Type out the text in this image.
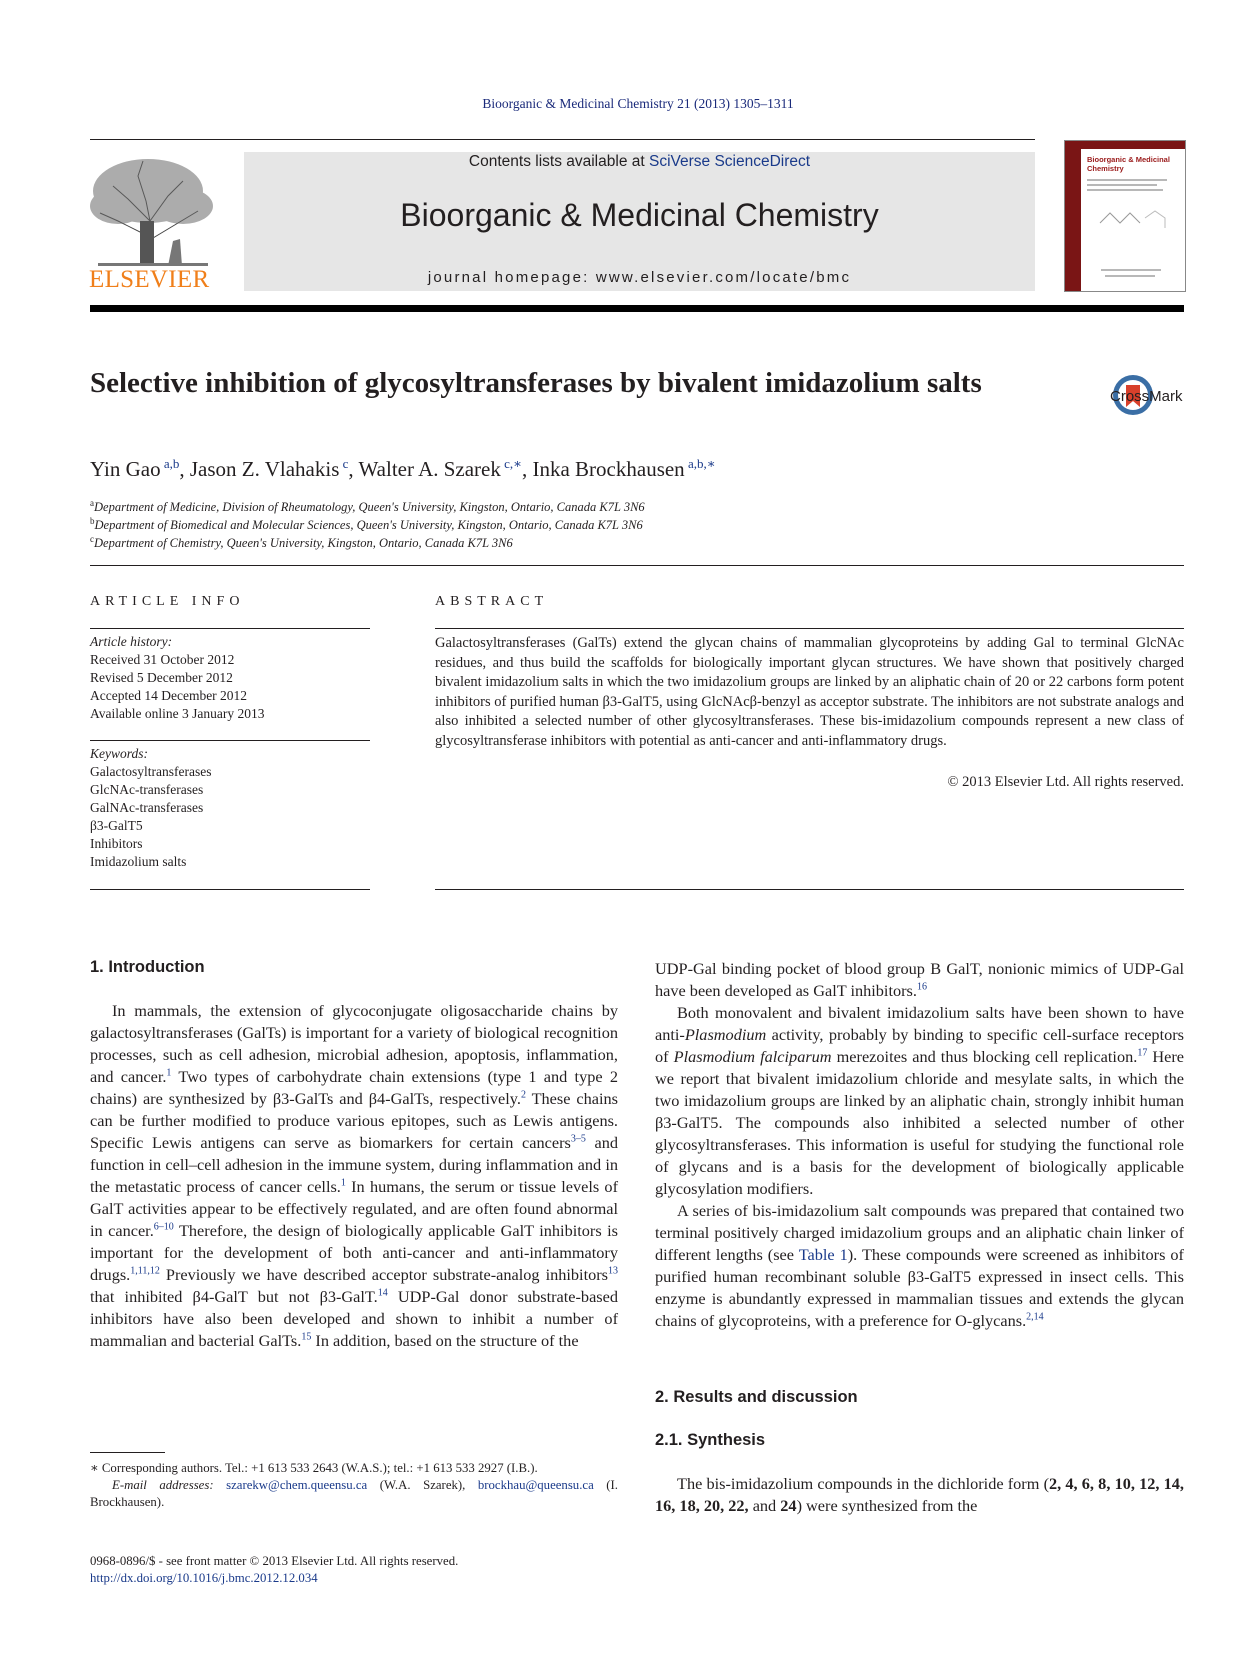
Bioorganic & Medicinal Chemistry 21 (2013) 1305–1311
ELSEVIER
Contents lists available at SciVerse ScienceDirect
Bioorganic & Medicinal Chemistry
journal homepage: www.elsevier.com/locate/bmc
Bioorganic & Medicinal Chemistry
Selective inhibition of glycosyltransferases by bivalent imidazolium salts	CrossMark
Yin Gao $^{a,b}$, Jason Z. Vlahakis $^c$, Walter A. Szarek $^{c,∗}$, Inka Brockhausen $^{a,b,∗}$
$^a$Department of Medicine, Division of Rheumatology, Queen's University, Kingston, Ontario, Canada K7L 3N6
$^b$Department of Biomedical and Molecular Sciences, Queen's University, Kingston, Ontario, Canada K7L 3N6
$^c$Department of Chemistry, Queen's University, Kingston, Ontario, Canada K7L 3N6
ARTICLE INFO	ABSTRACT
Article history:
Received 31 October 2012
Revised 5 December 2012
Accepted 14 December 2012
Available online 3 January 2013
Keywords:
Galactosyltransferases
GlcNAc-transferases
GalNAc-transferases
β3-GalT5
Inhibitors
Imidazolium salts
Galactosyltransferases (GalTs) extend the glycan chains of mammalian glycoproteins by adding Gal to terminal GlcNAc residues, and thus build the scaffolds for biologically important glycan structures. We have shown that positively charged bivalent imidazolium salts in which the two imidazolium groups are linked by an aliphatic chain of 20 or 22 carbons form potent inhibitors of purified human β3-GalT5, using GlcNAcβ-benzyl as acceptor substrate. The inhibitors are not substrate analogs and also inhibited a selected number of other glycosyltransferases. These bis-imidazolium compounds represent a new class of glycosyltransferase inhibitors with potential as anti-cancer and anti-inflammatory drugs.
© 2013 Elsevier Ltd. All rights reserved.
1. Introduction

In mammals, the extension of glycoconjugate oligosaccharide chains by galactosyltransferases (GalTs) is important for a variety of biological recognition processes, such as cell adhesion, microbial adhesion, apoptosis, inflammation, and cancer.$^1$ Two types of carbohydrate chain extensions (type 1 and type 2 chains) are synthesized by β3-GalTs and β4-GalTs, respectively.$^2$ These chains can be further modified to produce various epitopes, such as Lewis antigens. Specific Lewis antigens can serve as biomarkers for certain cancers$^{3-5}$ and function in cell–cell adhesion in the immune system, during inflammation and in the metastatic process of cancer cells.$^1$ In humans, the serum or tissue levels of GalT activities appear to be effectively regulated, and are often found abnormal in cancer.$^{6-10}$ Therefore, the design of biologically applicable GalT inhibitors is important for the development of both anti-cancer and anti-inflammatory drugs.$^{1,11,12}$ Previously we have described acceptor substrate-analog inhibitors$^{13}$ that inhibited β4-GalT but not β3-GalT.$^{14}$ UDP-Gal donor substrate-based inhibitors have also been developed and shown to inhibit a number of mammalian and bacterial GalTs.$^{15}$ In addition, based on the structure of the

∗ Corresponding authors. Tel.: +1 613 533 2643 (W.A.S.); tel.: +1 613 533 2927 (I.B.).
E-mail addresses: szarekw@chem.queensu.ca (W.A. Szarek), brockhau@queensu.ca (I. Brockhausen).
0968-0896/$ - see front matter © 2013 Elsevier Ltd. All rights reserved.
http://dx.doi.org/10.1016/j.bmc.2012.12.034

UDP-Gal binding pocket of blood group B GalT, nonionic mimics of UDP-Gal have been developed as GalT inhibitors.$^{16}$

Both monovalent and bivalent imidazolium salts have been shown to have anti-Plasmodium activity, probably by binding to specific cell-surface receptors of Plasmodium falciparum merezoites and thus blocking cell replication.$^{17}$ Here we report that bivalent imidazolium chloride and mesylate salts, in which the two imidazolium groups are linked by an aliphatic chain, strongly inhibit human β3-GalT5. The compounds also inhibited a selected number of other glycosyltransferases. This information is useful for studying the functional role of glycans and is a basis for the development of biologically applicable glycosylation modifiers.

A series of bis-imidazolium salt compounds was prepared that contained two terminal positively charged imidazolium groups and an aliphatic chain linker of different lengths (see Table 1). These compounds were screened as inhibitors of purified human recombinant soluble β3-GalT5 expressed in insect cells. This enzyme is abundantly expressed in mammalian tissues and extends the glycan chains of glycoproteins, with a preference for O-glycans.$^{2,14}$

2. Results and discussion
2.1. Synthesis

The bis-imidazolium compounds in the dichloride form (2, 4, 6, 8, 10, 12, 14, 16, 18, 20, 22, and 24) were synthesized from the
